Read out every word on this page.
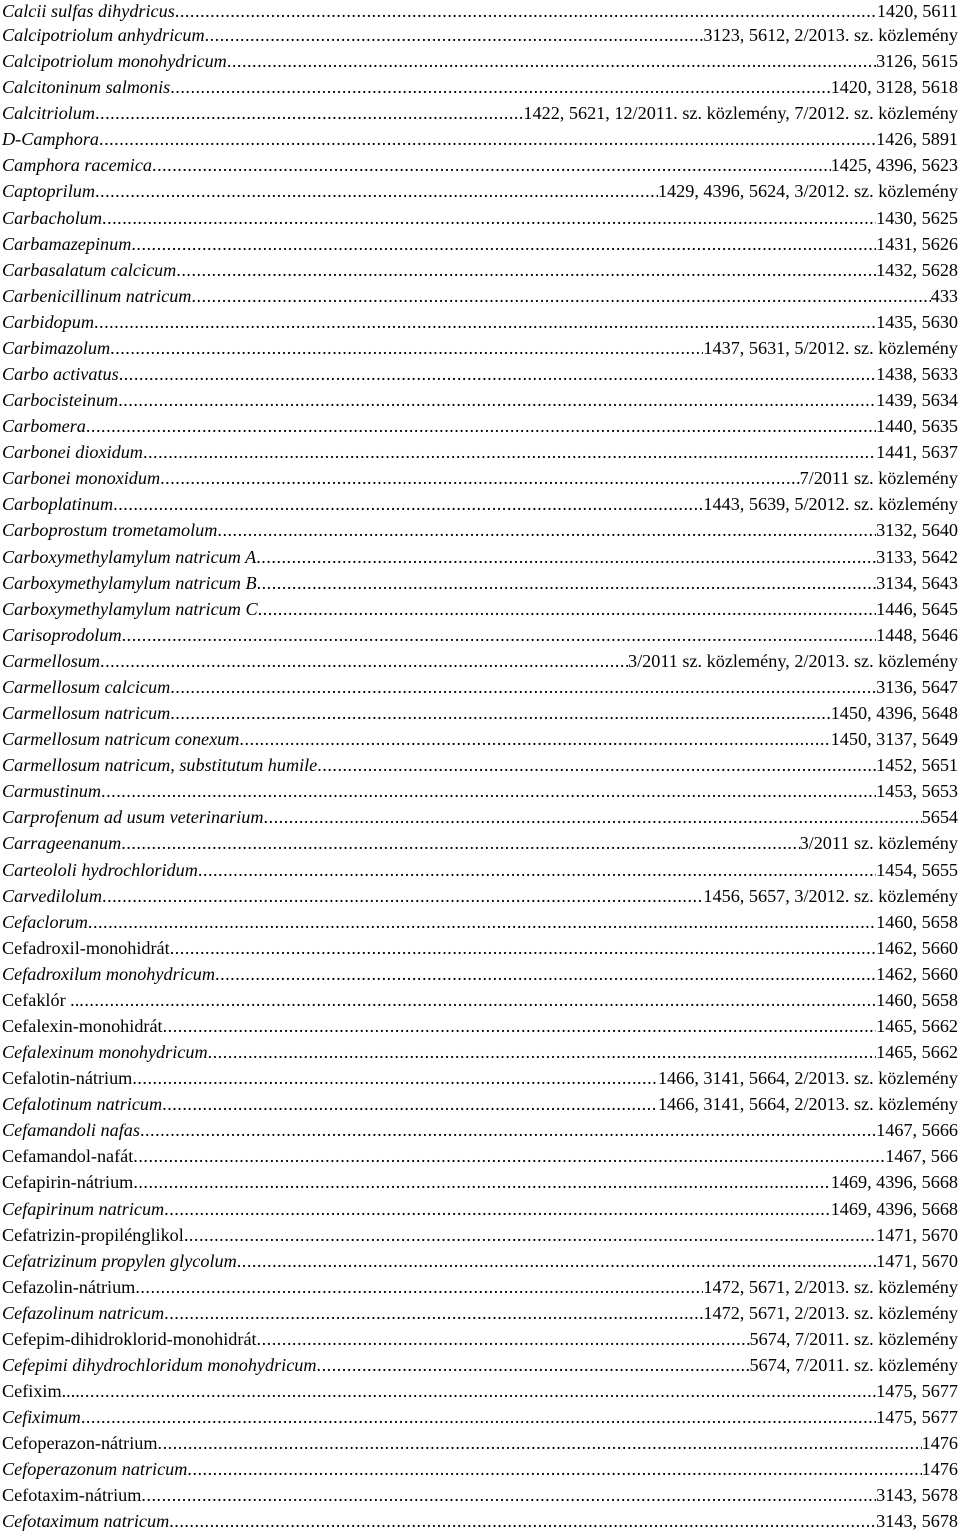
Calcii sulfas dihydricus .....	1420, 5611
Calcipotriolum anhydricum .....	3123, 5612, 2/2013. sz. közlemény
Calcipotriolum monohydricum .....	3126, 5615
Calcitoninum salmonis .....	1420, 3128, 5618
Calcitriolum .....	1422, 5621, 12/2011. sz. közlemény, 7/2012. sz. közlemény
D-Camphora .....	1426, 5891
Camphora racemica .....	1425, 4396, 5623
Captoprilum .....	1429, 4396, 5624, 3/2012. sz. közlemény
Carbacholum .....	1430, 5625
Carbamazepinum .....	1431, 5626
Carbasalatum calcicum .....	1432, 5628
Carbenicillinum natricum .....	433
Carbidopum .....	1435, 5630
Carbimazolum .....	1437, 5631, 5/2012. sz. közlemény
Carbo activatus .....	1438, 5633
Carbocisteinum .....	1439, 5634
Carbomera .....	1440, 5635
Carbonei dioxidum .....	1441, 5637
Carbonei monoxidum .....	7/2011 sz. közlemény
Carboplatinum .....	1443, 5639, 5/2012. sz. közlemény
Carboprostum trometamolum .....	3132, 5640
Carboxymethylamylum natricum A .....	3133, 5642
Carboxymethylamylum natricum B .....	3134, 5643
Carboxymethylamylum natricum C .....	1446, 5645
Carisoprodolum .....	1448, 5646
Carmellosum .....	3/2011 sz. közlemény, 2/2013. sz. közlemény
Carmellosum calcicum .....	3136, 5647
Carmellosum natricum .....	1450, 4396, 5648
Carmellosum natricum conexum .....	1450, 3137, 5649
Carmellosum natricum, substitutum humile .....	1452, 5651
Carmustinum .....	1453, 5653
Carprofenum ad usum veterinarium .....	5654
Carrageenanum .....	3/2011 sz. közlemény
Carteololi hydrochloridum .....	1454, 5655
Carvedilolum .....	1456, 5657, 3/2012. sz. közlemény
Cefaclorum .....	1460, 5658
Cefadroxil-monohidrát .....	1462, 5660
Cefadroxilum monohydricum .....	1462, 5660
Cefaklór .. .....	1460, 5658
Cefalexin-monohidrát .....	1465, 5662
Cefalexinum monohydricum .....	1465, 5662
Cefalotin-nátrium .....	1466, 3141, 5664, 2/2013. sz. közlemény
Cefalotinum natricum .....	1466, 3141, 5664, 2/2013. sz. közlemény
Cefamandoli nafas .....	1467, 5666
Cefamandol-nafát .....	1467, 566
Cefapirin-nátrium .....	1469, 4396, 5668
Cefapirinum natricum .....	1469, 4396, 5668
Cefatrizin-propilénglikol .....	1471, 5670
Cefatrizinum propylen glycolum .....	1471, 5670
Cefazolin-nátrium .....	1472, 5671, 2/2013. sz. közlemény
Cefazolinum natricum .....	1472, 5671, 2/2013. sz. közlemény
Cefepim-dihidroklorid-monohidrát .....	5674, 7/2011. sz. közlemény
Cefepimi dihydrochloridum monohydricum .....	5674, 7/2011. sz. közlemény
Cefixim.... .....	1475, 5677
Cefiximum .....	1475, 5677
Cefoperazon-nátrium .....	1476
Cefoperazonum natricum .....	1476
Cefotaxim-nátrium .....	3143, 5678
Cefotaximum natricum .....	3143, 5678
